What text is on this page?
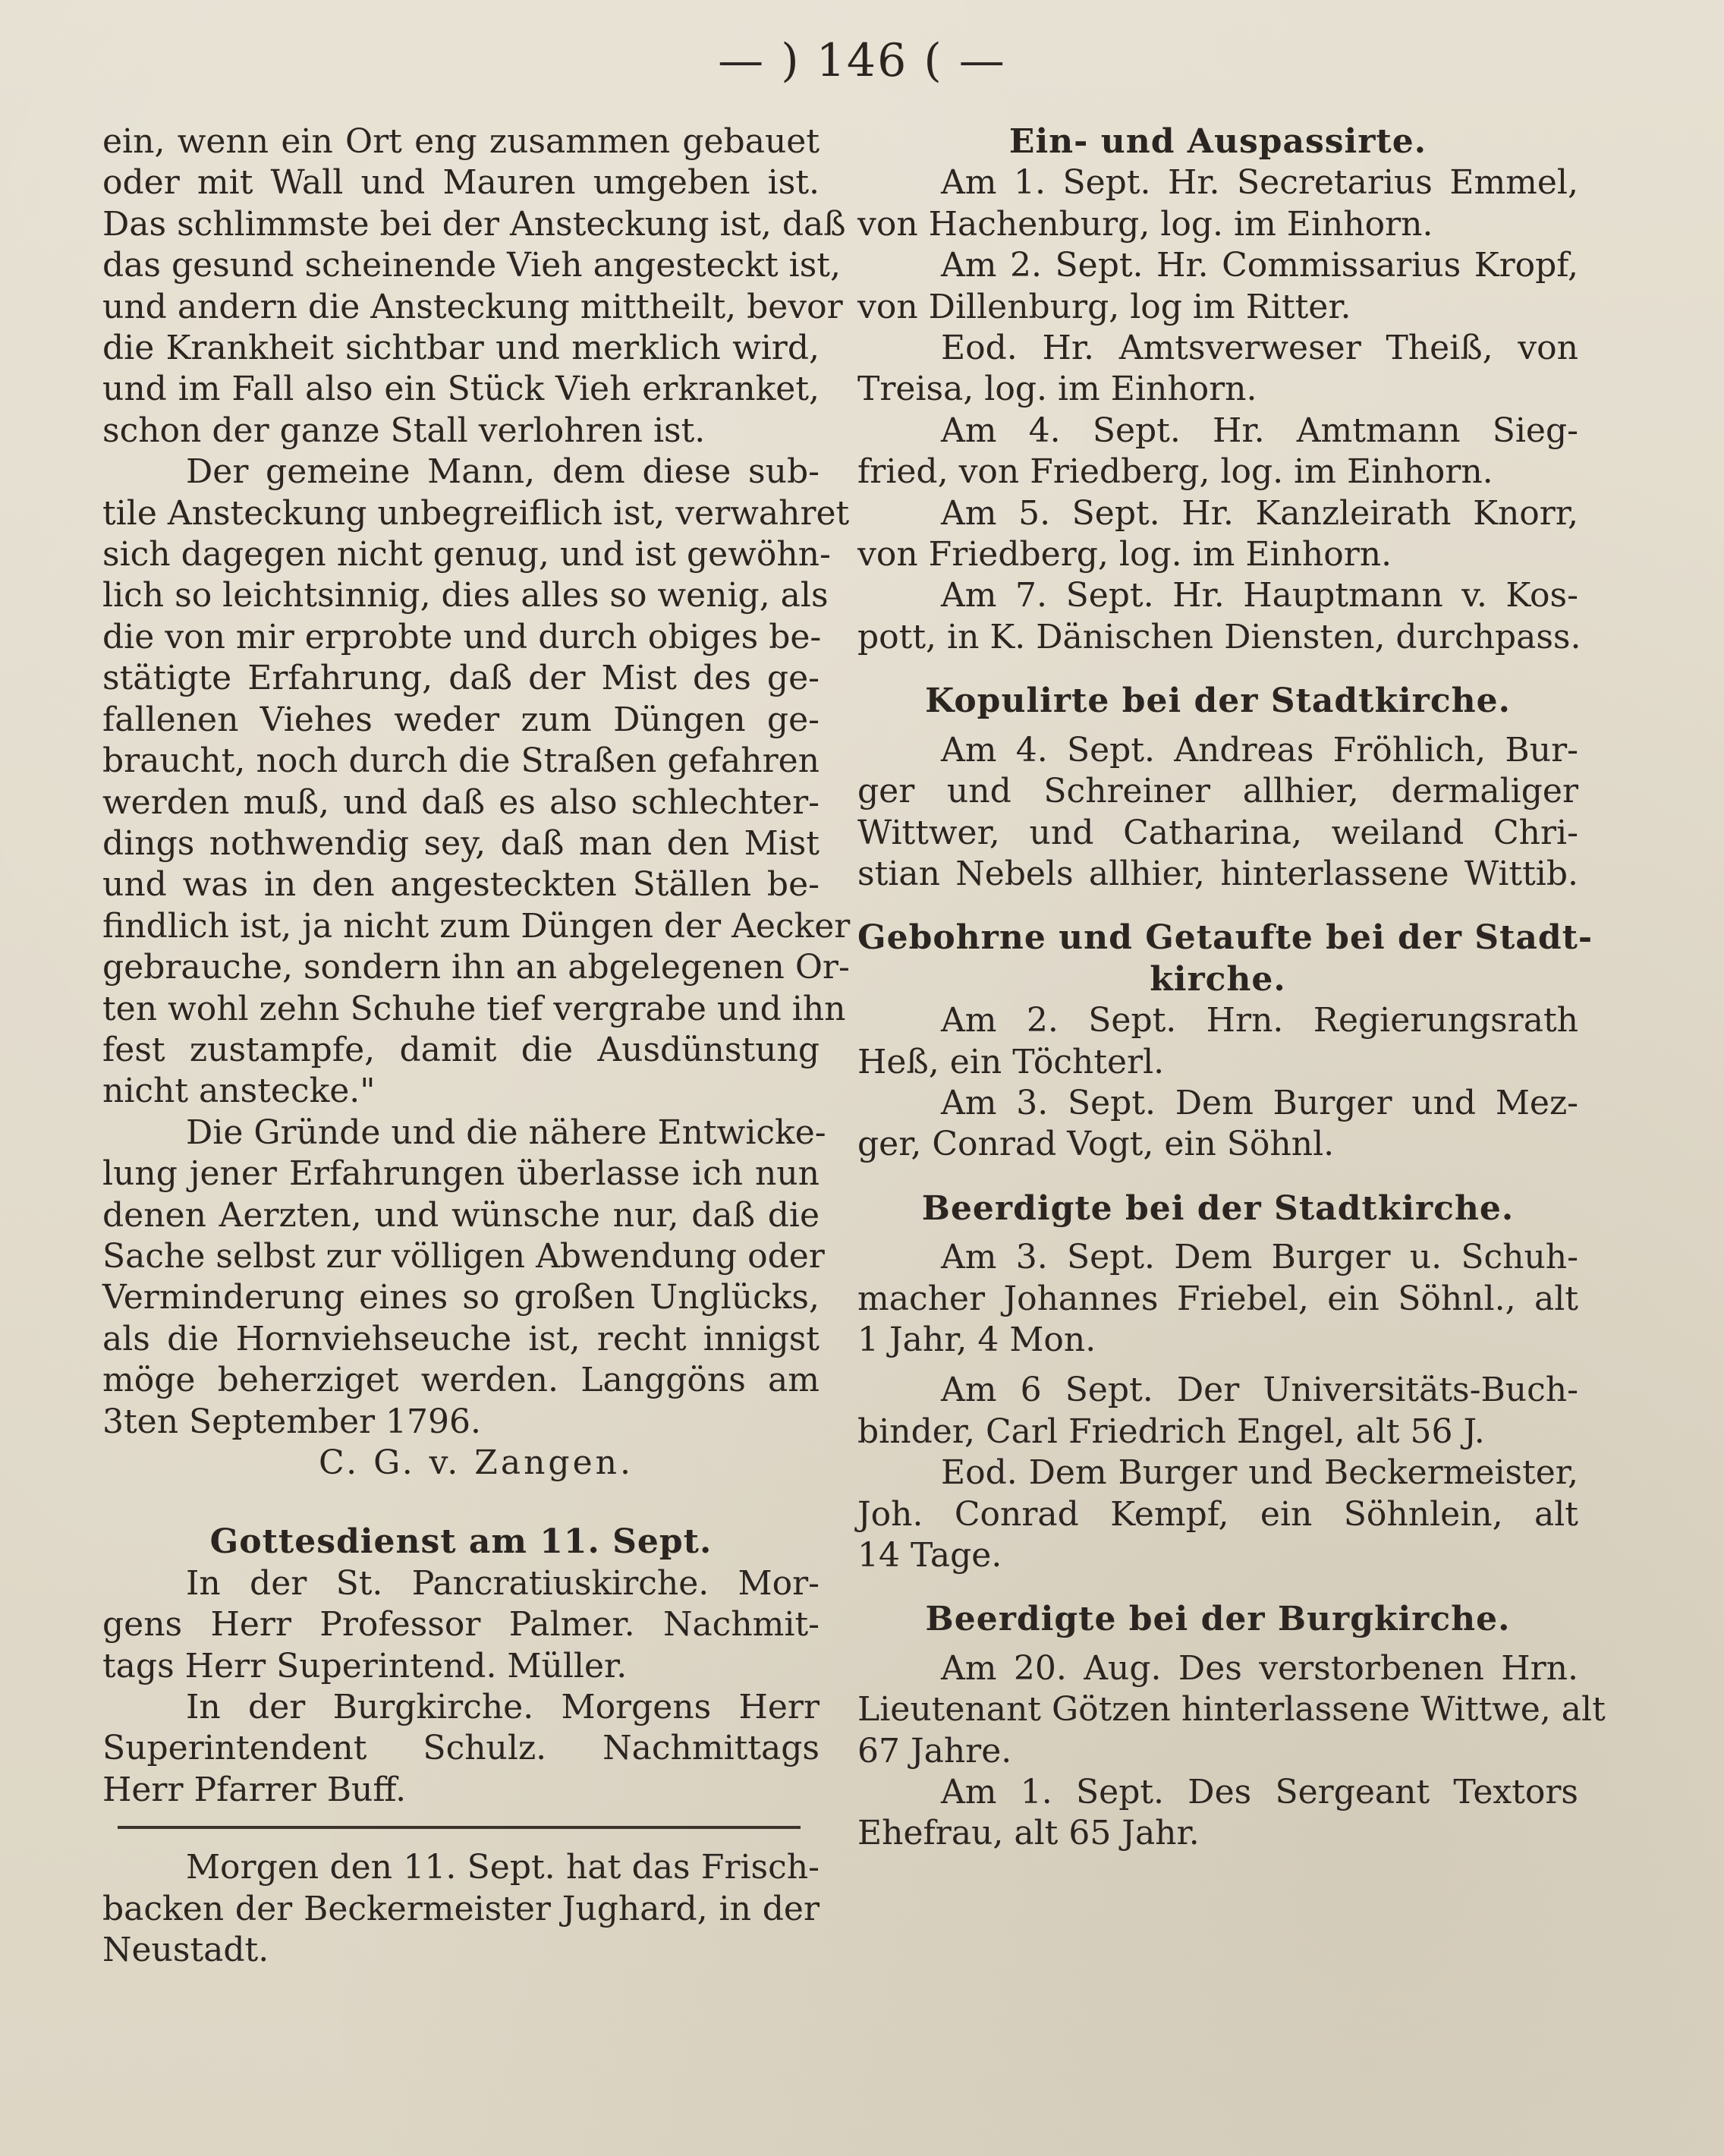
— ) 146 ( —
ein, wenn ein Ort eng zusammen gebauet
oder mit Wall und Mauren umgeben ist.
Das schlimmste bei der Ansteckung ist, daß
das gesund scheinende Vieh angesteckt ist,
und andern die Ansteckung mittheilt, bevor
die Krankheit sichtbar und merklich wird,
und im Fall also ein Stück Vieh erkranket,
schon der ganze Stall verlohren ist.
Der gemeine Mann, dem diese sub-
tile Ansteckung unbegreiflich ist, verwahret
sich dagegen nicht genug, und ist gewöhn-
lich so leichtsinnig, dies alles so wenig, als
die von mir erprobte und durch obiges be-
stätigte Erfahrung, daß der Mist des ge-
fallenen Viehes weder zum Düngen ge-
braucht, noch durch die Straßen gefahren
werden muß, und daß es also schlechter-
dings nothwendig sey, daß man den Mist
und was in den angesteckten Ställen be-
findlich ist, ja nicht zum Düngen der Aecker
gebrauche, sondern ihn an abgelegenen Or-
ten wohl zehn Schuhe tief vergrabe und ihn
fest zustampfe, damit die Ausdünstung
nicht anstecke."
Die Gründe und die nähere Entwicke-
lung jener Erfahrungen überlasse ich nun
denen Aerzten, und wünsche nur, daß die
Sache selbst zur völligen Abwendung oder
Verminderung eines so großen Unglücks,
als die Hornviehseuche ist, recht innigst
möge beherziget werden. Langgöns am
3ten September 1796.
C. G. v. Zangen.
Gottesdienst am 11. Sept.
In der St. Pancratiuskirche. Mor-
gens Herr Professor Palmer. Nachmit-
tags Herr Superintend. Müller.
In der Burgkirche. Morgens Herr
Superintendent Schulz. Nachmittags
Herr Pfarrer Buff.
Morgen den 11. Sept. hat das Frisch-
backen der Beckermeister Jughard, in der
Neustadt.
Ein- und Auspassirte.
Am 1. Sept. Hr. Secretarius Emmel,
von Hachenburg, log. im Einhorn.
Am 2. Sept. Hr. Commissarius Kropf,
von Dillenburg, log im Ritter.
Eod. Hr. Amtsverweser Theiß, von
Treisa, log. im Einhorn.
Am 4. Sept. Hr. Amtmann Sieg-
fried, von Friedberg, log. im Einhorn.
Am 5. Sept. Hr. Kanzleirath Knorr,
von Friedberg, log. im Einhorn.
Am 7. Sept. Hr. Hauptmann v. Kos-
pott, in K. Dänischen Diensten, durchpass.
Kopulirte bei der Stadtkirche.
Am 4. Sept. Andreas Fröhlich, Bur-
ger und Schreiner allhier, dermaliger
Wittwer, und Catharina, weiland Chri-
stian Nebels allhier, hinterlassene Wittib.
Gebohrne und Getaufte bei der Stadt-
kirche.
Am 2. Sept. Hrn. Regierungsrath
Heß, ein Töchterl.
Am 3. Sept. Dem Burger und Mez-
ger, Conrad Vogt, ein Söhnl.
Beerdigte bei der Stadtkirche.
Am 3. Sept. Dem Burger u. Schuh-
macher Johannes Friebel, ein Söhnl., alt
1 Jahr, 4 Mon.
Am 6 Sept. Der Universitäts-Buch-
binder, Carl Friedrich Engel, alt 56 J.
Eod. Dem Burger und Beckermeister,
Joh. Conrad Kempf, ein Söhnlein, alt
14 Tage.
Beerdigte bei der Burgkirche.
Am 20. Aug. Des verstorbenen Hrn.
Lieutenant Götzen hinterlassene Wittwe, alt
67 Jahre.
Am 1. Sept. Des Sergeant Textors
Ehefrau, alt 65 Jahr.
